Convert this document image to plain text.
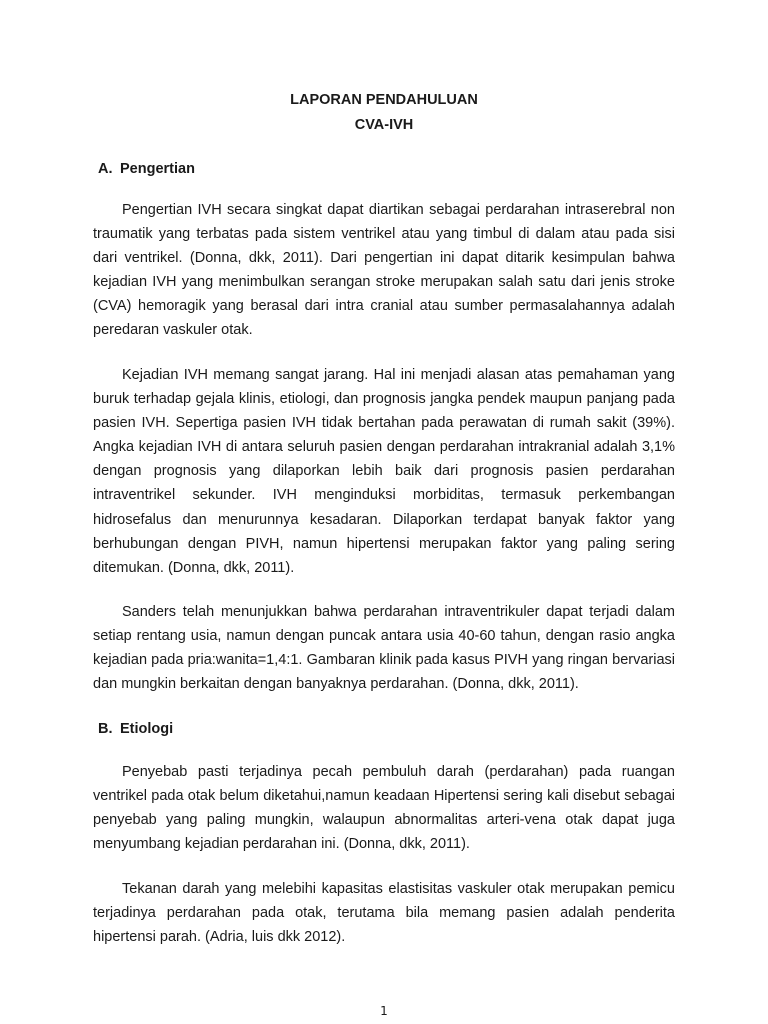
LAPORAN PENDAHULUAN
CVA-IVH
A. Pengertian

Pengertian IVH secara singkat dapat diartikan sebagai perdarahan intraserebral non traumatik yang terbatas pada sistem ventrikel atau yang timbul di dalam atau pada sisi dari ventrikel. (Donna, dkk, 2011). Dari pengertian ini dapat ditarik kesimpulan bahwa kejadian IVH yang menimbulkan serangan stroke merupakan salah satu dari jenis stroke (CVA) hemoragik yang berasal dari intra cranial atau sumber permasalahannya adalah peredaran vaskuler otak.

Kejadian IVH memang sangat jarang. Hal ini menjadi alasan atas pemahaman yang buruk terhadap gejala klinis, etiologi, dan prognosis jangka pendek maupun panjang pada pasien IVH. Sepertiga pasien IVH tidak bertahan pada perawatan di rumah sakit (39%). Angka kejadian IVH di antara seluruh pasien dengan perdarahan intrakranial adalah 3,1% dengan prognosis yang dilaporkan lebih baik dari prognosis pasien perdarahan intraventrikel sekunder. IVH menginduksi morbiditas, termasuk perkembangan hidrosefalus dan menurunnya kesadaran. Dilaporkan terdapat banyak faktor yang berhubungan dengan PIVH, namun hipertensi merupakan faktor yang paling sering ditemukan. (Donna, dkk, 2011).

Sanders telah menunjukkan bahwa perdarahan intraventrikuler dapat terjadi dalam setiap rentang usia, namun dengan puncak antara usia 40-60 tahun, dengan rasio angka kejadian pada pria:wanita=1,4:1. Gambaran klinik pada kasus PIVH yang ringan bervariasi dan mungkin berkaitan dengan banyaknya perdarahan. (Donna, dkk, 2011).

B. Etiologi

Penyebab pasti terjadinya pecah pembuluh darah (perdarahan) pada ruangan ventrikel pada otak belum diketahui,namun keadaan Hipertensi sering kali disebut sebagai penyebab yang paling mungkin, walaupun abnormalitas arteri-vena otak dapat juga menyumbang kejadian perdarahan ini. (Donna, dkk, 2011).

Tekanan darah yang melebihi kapasitas elastisitas vaskuler otak merupakan pemicu terjadinya perdarahan pada otak, terutama bila memang pasien adalah penderita hipertensi parah. (Adria, luis dkk 2012).

1
